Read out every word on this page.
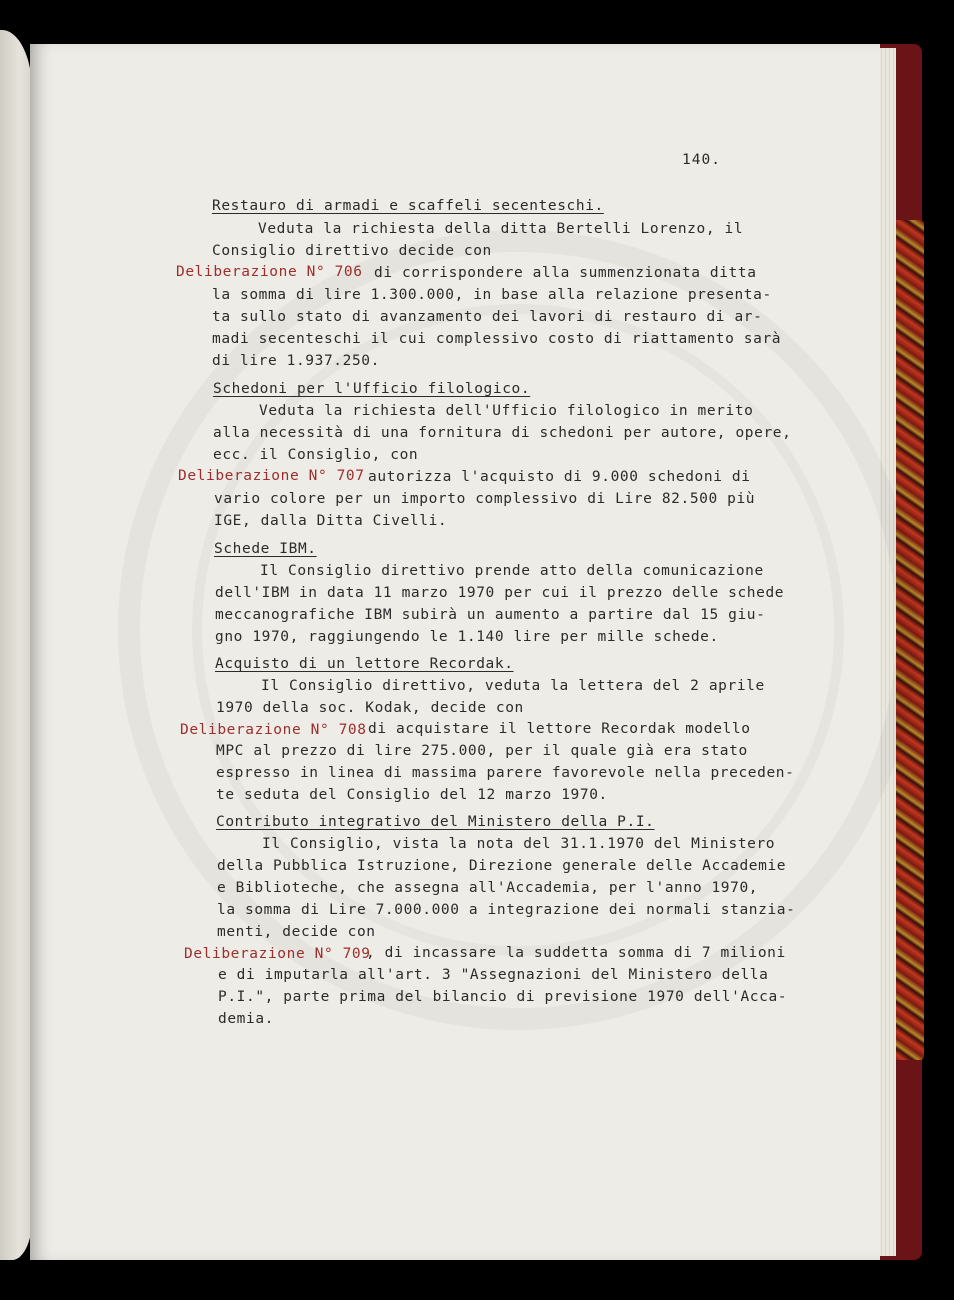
140.
Restauro di armadi e scaffeli secenteschi.
Veduta la richiesta della ditta Bertelli Lorenzo, il
Consiglio direttivo decide con
Deliberazione N° 706 di corrispondere alla summenzionata ditta
la somma di lire 1.300.000, in base alla relazione presenta-
ta sullo stato di avanzamento dei lavori di restauro di ar-
madi secenteschi il cui complessivo costo di riattamento sarà
di lire 1.937.250.
Schedoni per l'Ufficio filologico.
Veduta la richiesta dell'Ufficio filologico in merito
alla necessità di una fornitura di schedoni per autore, opere,
ecc. il Consiglio, con
Deliberazione N° 707 autorizza l'acquisto di 9.000 schedoni di
vario colore per un importo complessivo di Lire 82.500 più
IGE, dalla Ditta Civelli.
Schede IBM.
Il Consiglio direttivo prende atto della comunicazione
dell'IBM in data 11 marzo 1970 per cui il prezzo delle schede
meccanografiche IBM subirà un aumento a partire dal 15 giu-
gno 1970, raggiungendo le 1.140 lire per mille schede.
Acquisto di un lettore Recordak.
Il Consiglio direttivo, veduta la lettera del 2 aprile
1970 della soc. Kodak, decide con
Deliberazione N° 708 di acquistare il lettore Recordak modello
MPC al prezzo di lire 275.000, per il quale già era stato
espresso in linea di massima parere favorevole nella preceden-
te seduta del Consiglio del 12 marzo 1970.
Contributo integrativo del Ministero della P.I.
Il Consiglio, vista la nota del 31.1.1970 del Ministero
della Pubblica Istruzione, Direzione generale delle Accademie
e Biblioteche, che assegna all'Accademia, per l'anno 1970,
la somma di Lire 7.000.000 a integrazione dei normali stanzia-
menti, decide con
Deliberazione N° 709
, di incassare la suddetta somma di 7 milioni
e di imputarla all'art. 3 "Assegnazioni del Ministero della
P.I.", parte prima del bilancio di previsione 1970 dell'Acca-
demia.
